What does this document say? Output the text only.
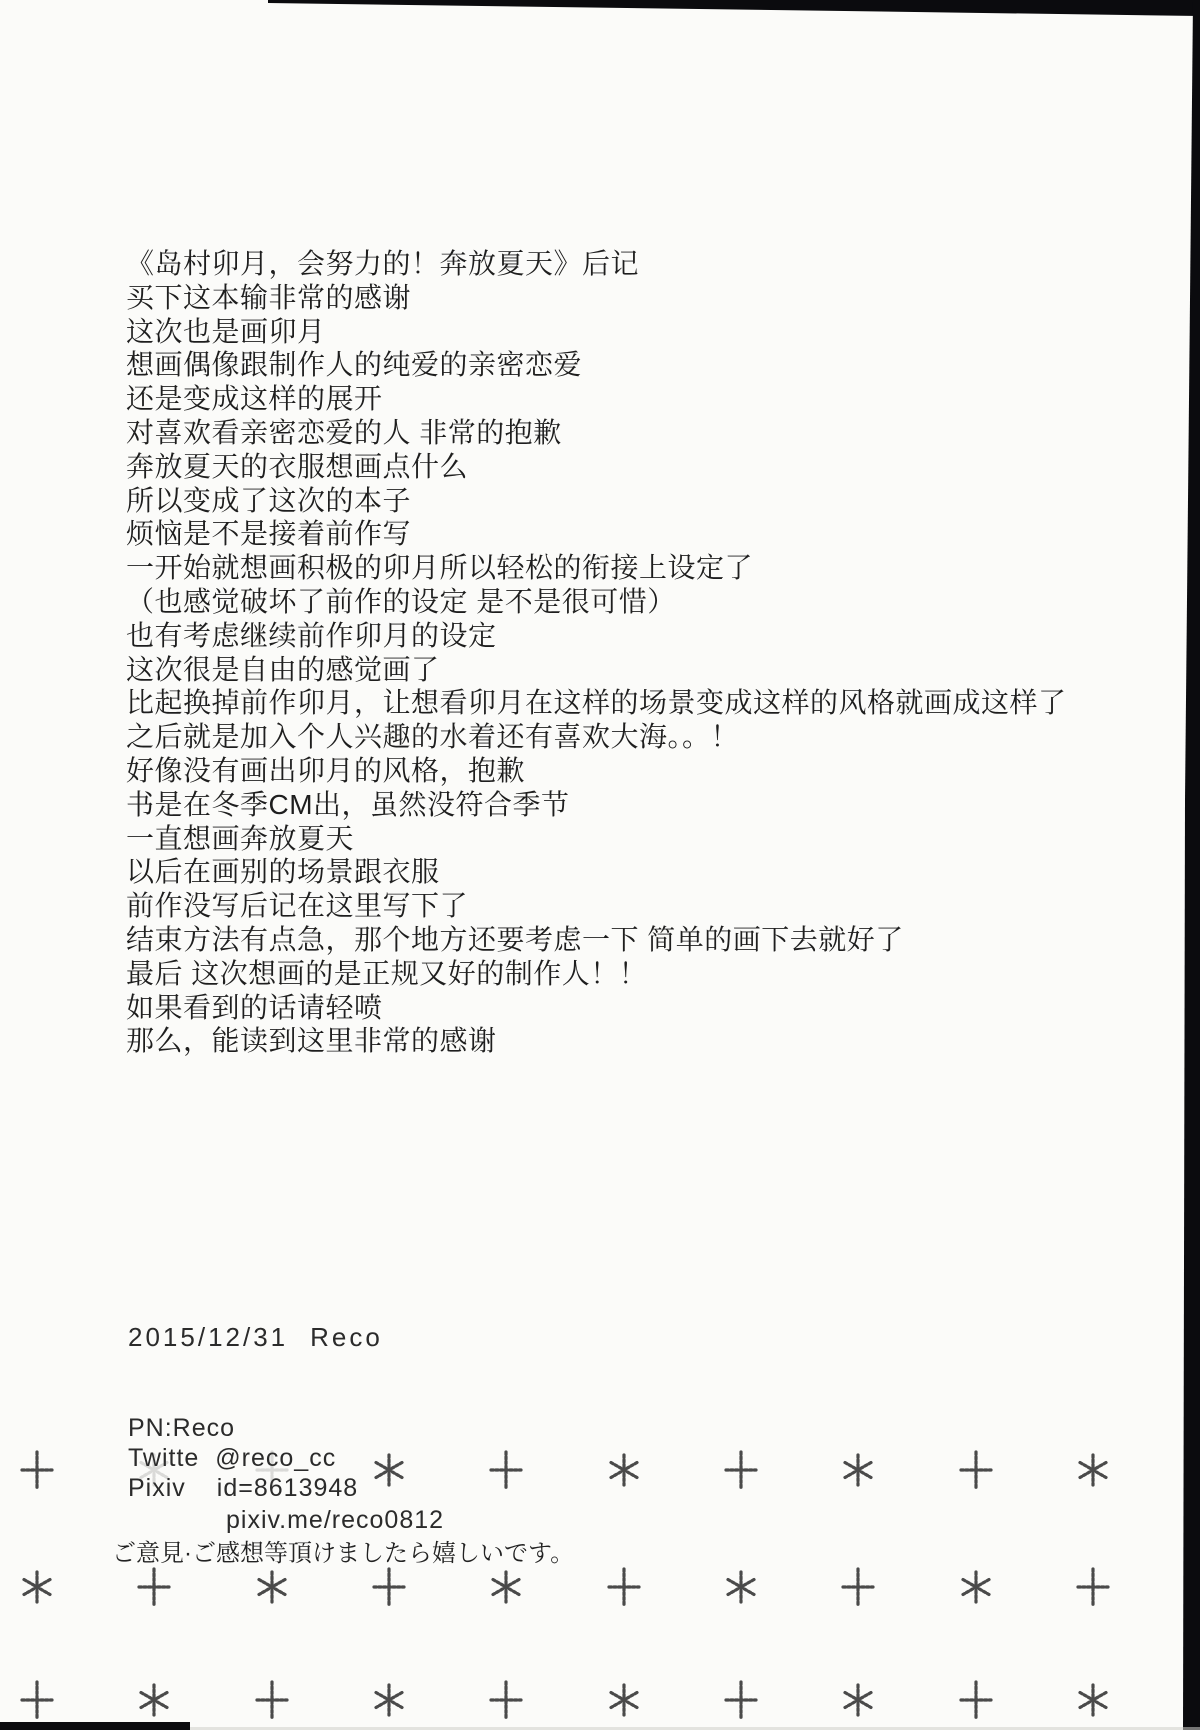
《岛村卯月，会努力的！奔放夏天》后记
买下这本输非常的感谢
这次也是画卯月
想画偶像跟制作人的纯爱的亲密恋爱
还是变成这样的展开
对喜欢看亲密恋爱的人 非常的抱歉
奔放夏天的衣服想画点什么
所以变成了这次的本子
烦恼是不是接着前作写
一开始就想画积极的卯月所以轻松的衔接上设定了
（也感觉破坏了前作的设定 是不是很可惜）
也有考虑继续前作卯月的设定
这次很是自由的感觉画了
比起换掉前作卯月，让想看卯月在这样的场景变成这样的风格就画成这样了
之后就是加入个人兴趣的水着还有喜欢大海。。！
好像没有画出卯月的风格，抱歉
书是在冬季CM出，虽然没符合季节
一直想画奔放夏天
以后在画别的场景跟衣服
前作没写后记在这里写下了
结束方法有点急，那个地方还要考虑一下 简单的画下去就好了
最后 这次想画的是正规又好的制作人！！
如果看到的话请轻喷
那么，能读到这里非常的感谢
2015/12/31 Reco
PN:Reco
Twitte @reco_cc
Pixiv id=8613948
pixiv.me/reco0812
ご意見·ご感想等頂けましたら嬉しいです。
